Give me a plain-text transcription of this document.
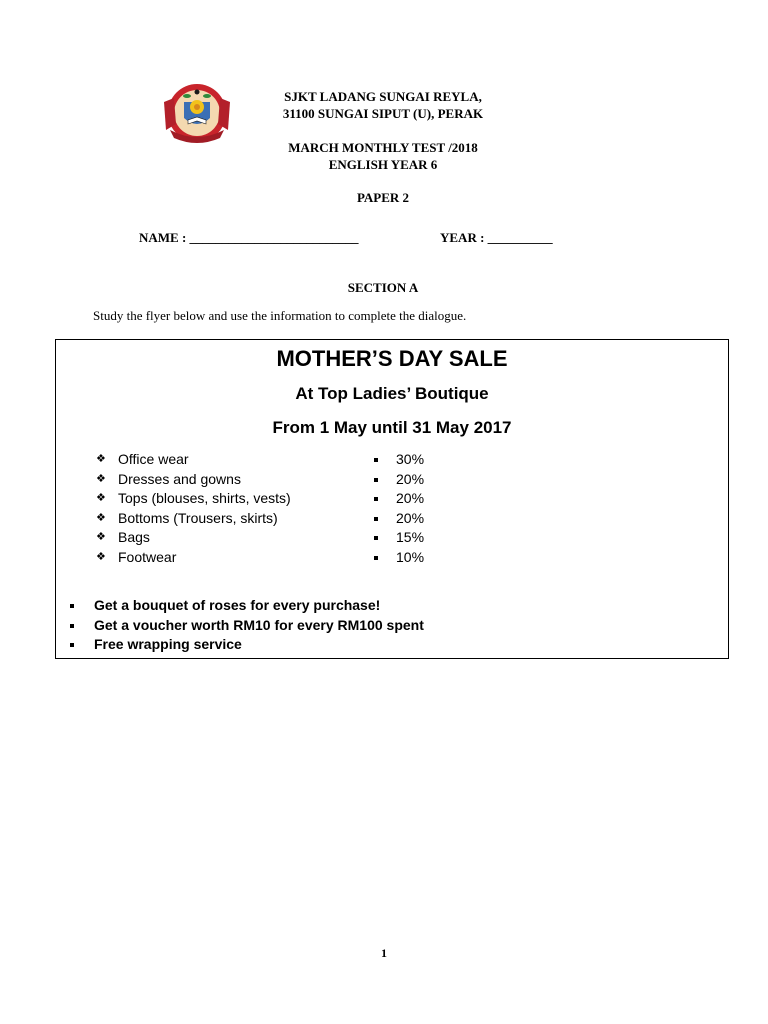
SJKT LADANG SUNGAI REYLA,
31100 SUNGAI SIPUT (U), PERAK
MARCH MONTHLY TEST /2018
ENGLISH YEAR 6
PAPER 2
NAME : __________________________	YEAR : __________
SECTION A
Study the flyer below and use the information to complete the dialogue.
MOTHER’S DAY SALE
At Top Ladies’ Boutique
From 1 May until 31 May 2017
❖ Office wear
❖ Dresses and gowns
❖ Tops (blouses, shirts, vests)
❖ Bottoms (Trousers, skirts)
❖ Bags
❖ Footwear
30%
20%
20%
20%
15%
10%
Get a bouquet of roses for every purchase!
Get a voucher worth RM10 for every RM100 spent
Free wrapping service
1
